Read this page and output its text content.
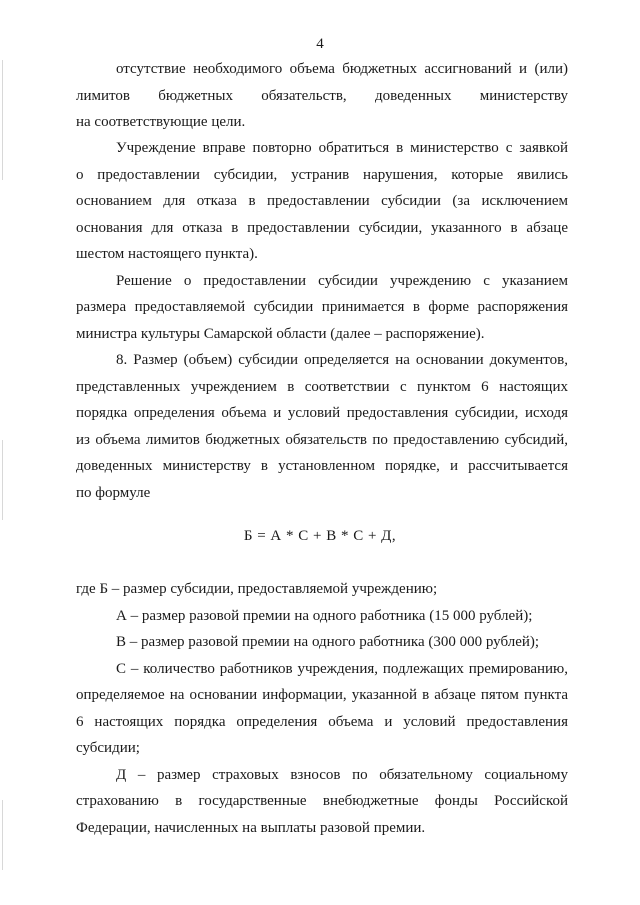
4
отсутствие необходимого объема бюджетных ассигнований и (или)
лимитов бюджетных обязательств, доведенных министерству
на соответствующие цели.
Учреждение вправе повторно обратиться в министерство с заявкой
о предоставлении субсидии, устранив нарушения, которые явились
основанием для отказа в предоставлении субсидии (за исключением
основания для отказа в предоставлении субсидии, указанного в абзаце
шестом настоящего пункта).
Решение о предоставлении субсидии учреждению с указанием
размера предоставляемой субсидии принимается в форме распоряжения
министра культуры Самарской области (далее – распоряжение).
8. Размер (объем) субсидии определяется на основании документов,
представленных учреждением в соответствии с пунктом 6 настоящих
порядка определения объема и условий предоставления субсидии, исходя
из объема лимитов бюджетных обязательств по предоставлению субсидий,
доведенных министерству в установленном порядке, и рассчитывается
по формуле
Б = А * С + В * С + Д,
где Б – размер субсидии, предоставляемой учреждению;
А – размер разовой премии на одного работника (15 000 рублей);
В – размер разовой премии на одного работника (300 000 рублей);
С – количество работников учреждения, подлежащих премированию,
определяемое на основании информации, указанной в абзаце пятом пункта
6 настоящих порядка определения объема и условий предоставления
субсидии;
Д – размер страховых взносов по обязательному социальному
страхованию в государственные внебюджетные фонды Российской
Федерации, начисленных на выплаты разовой премии.
